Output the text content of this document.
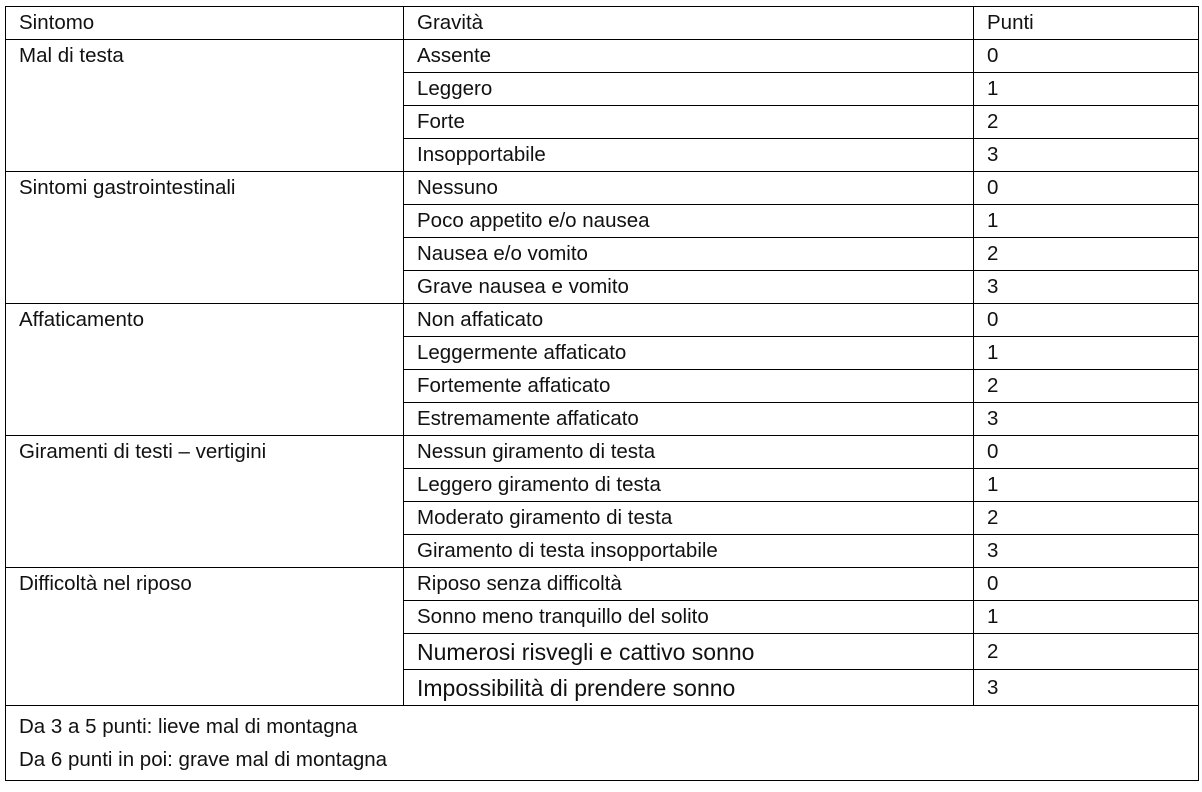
Sintomo	Gravità	Punti
Mal di testa	Assente	0
	Leggero	1
	Forte	2
	Insopportabile	3
Sintomi gastrointestinali	Nessuno	0
	Poco appetito e/o nausea	1
	Nausea e/o vomito	2
	Grave nausea e vomito	3
Affaticamento	Non affaticato	0
	Leggermente affaticato	1
	Fortemente affaticato	2
	Estremamente affaticato	3
Giramenti di testi – vertigini	Nessun giramento di testa	0
	Leggero giramento di testa	1
	Moderato giramento di testa	2
	Giramento di testa insopportabile	3
Difficoltà nel riposo	Riposo senza difficoltà	0
	Sonno meno tranquillo del solito	1
	Numerosi risvegli e cattivo sonno	2
	Impossibilità di prendere sonno	3

Da 3 a 5 punti: lieve mal di montagna
Da 6 punti in poi: grave mal di montagna		
